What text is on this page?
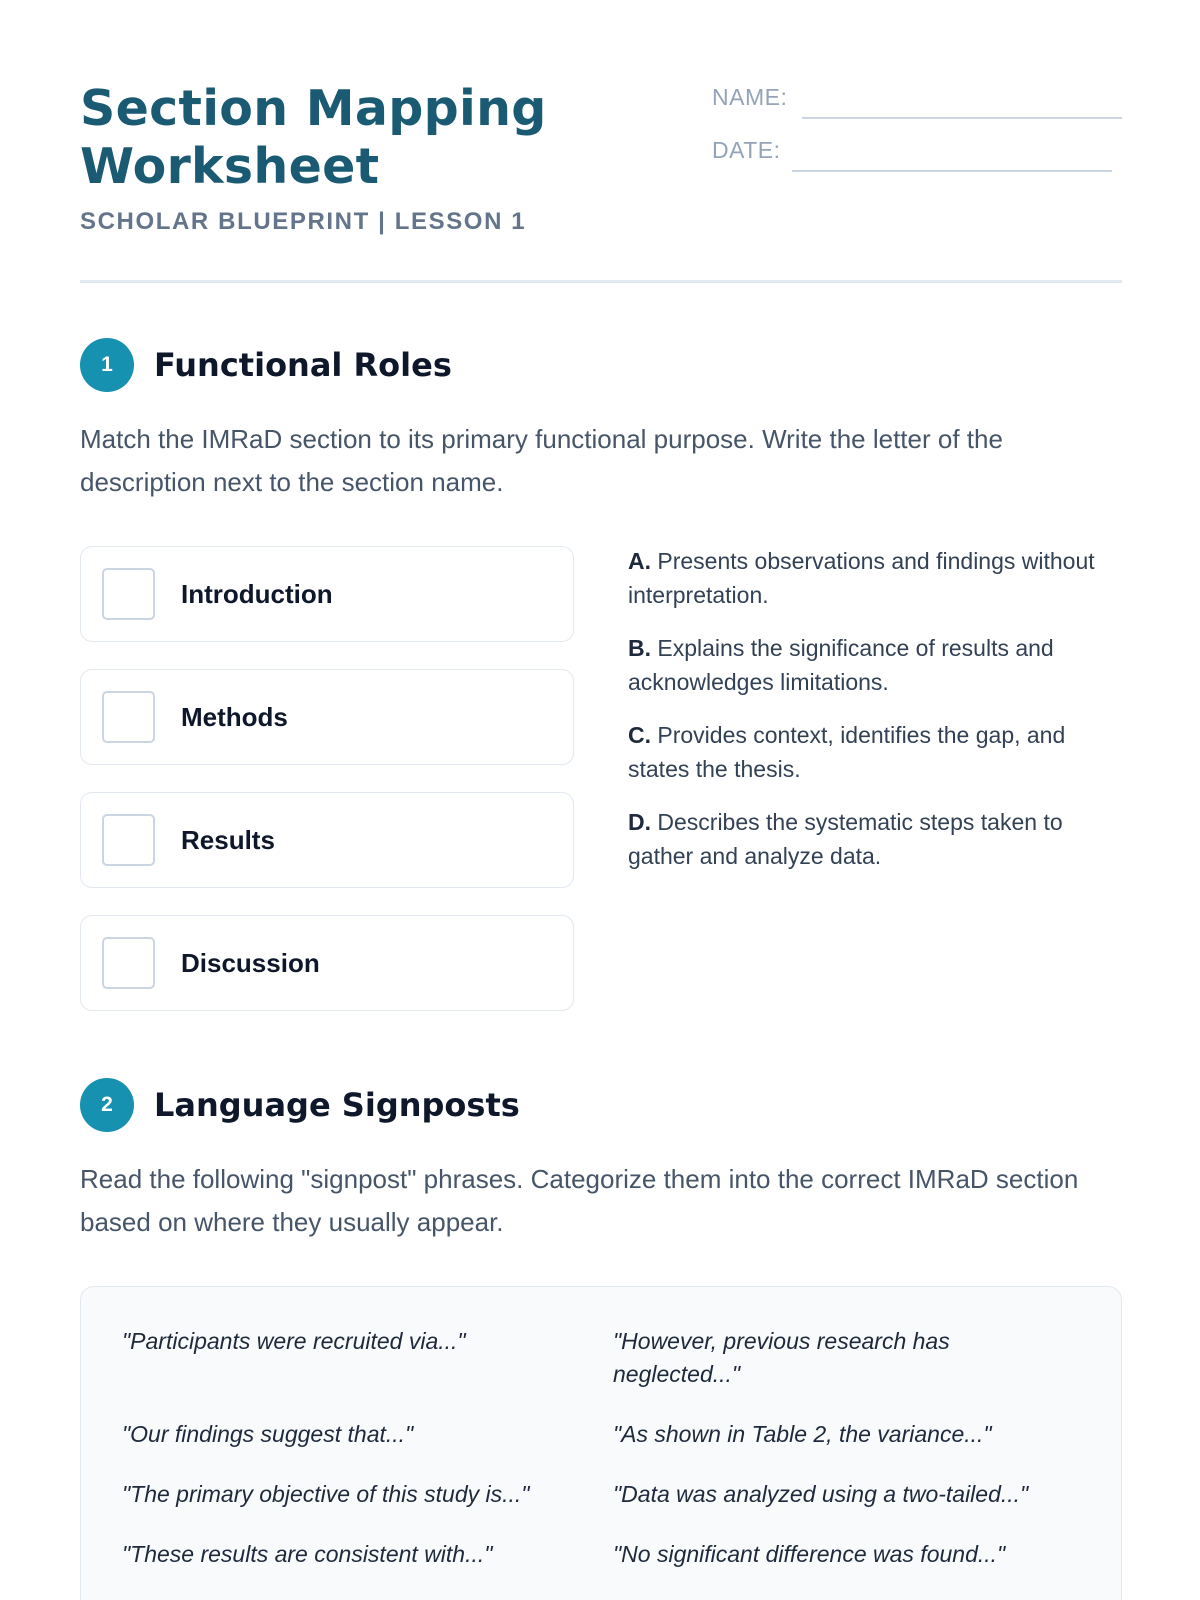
Section Mapping
Worksheet
SCHOLAR BLUEPRINT | LESSON 1
NAME:
DATE:
1	Functional Roles
Match the IMRaD section to its primary functional purpose. Write the letter of the description next to the section name.
Introduction
Methods
Results
Discussion
A. Presents observations and findings without interpretation.
B. Explains the significance of results and acknowledges limitations.
C. Provides context, identifies the gap, and states the thesis.
D. Describes the systematic steps taken to gather and analyze data.
2	Language Signposts
Read the following "signpost" phrases. Categorize them into the correct IMRaD section based on where they usually appear.
"Participants were recruited via..."	"However, previous research has neglected..."
"Our findings suggest that..."	"As shown in Table 2, the variance..."
"The primary objective of this study is..."	"Data was analyzed using a two-tailed..."
"These results are consistent with..."	"No significant difference was found..."
